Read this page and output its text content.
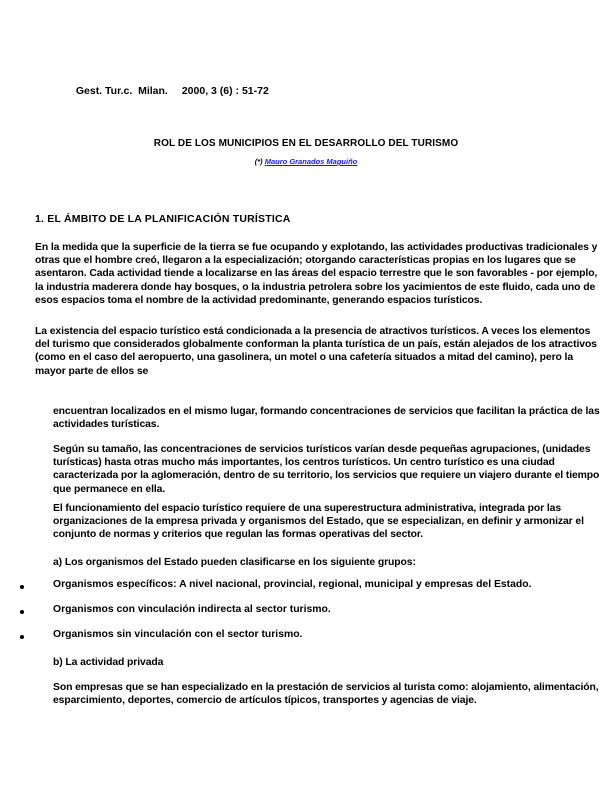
Gest. Tur.c.  Milan. 2000, 3 (6) : 51-72

ROL DE LOS MUNICIPIOS EN EL DESARROLLO DEL TURISMO
(*) Mauro Granados Maguiño
1. EL ÁMBITO DE LA PLANIFICACIÓN TURÍSTICA

En la medida que la superficie de la tierra se fue ocupando y explotando, las actividades productivas tradicionales y otras que el hombre creó, llegaron a la especialización; otorgando características propias en los lugares que se asentaron. Cada actividad tiende a localizarse en las áreas del espacio terrestre que le son favorables - por ejemplo, la industria maderera donde hay bosques, o la industria petrolera sobre los yacimientos de este fluido, cada uno de esos espacios toma el nombre de la actividad predominante, generando espacios turísticos.

La existencia del espacio turístico está condicionada a la presencia de atractivos turísticos. A veces los elementos del turismo que considerados globalmente conforman la planta turística de un país, están alejados de los atractivos (como en el caso del aeropuerto, una gasolinera, un motel o una cafetería situados a mitad del camino), pero la mayor parte de ellos se

encuentran localizados en el mismo lugar, formando concentraciones de servicios que facilitan la práctica de las actividades turísticas.

Según su tamaño, las concentraciones de servicios turísticos varían desde pequeñas agrupaciones, (unidades turísticas) hasta otras mucho más importantes, los centros turísticos. Un centro turístico es una ciudad caracterizada por la aglomeración, dentro de su territorio, los servicios que requiere un viajero durante el tiempo que permanece en ella.

El funcionamiento del espacio turístico requiere de una superestructura administrativa, integrada por las organizaciones de la empresa privada y organismos del Estado, que se especializan, en definir y armonizar el conjunto de normas y criterios que regulan las formas operativas del sector.

a) Los organismos del Estado pueden clasificarse en los siguiente grupos:

Organismos específicos: A nivel nacional, provincial, regional, municipal y empresas del Estado.
Organismos con vinculación indirecta al sector turismo.
Organismos sin vinculación con el sector turismo.

b) La actividad privada

Son empresas que se han especializado en la prestación de servicios al turista como: alojamiento, alimentación, esparcimiento, deportes, comercio de artículos típicos, transportes y agencias de viaje.
